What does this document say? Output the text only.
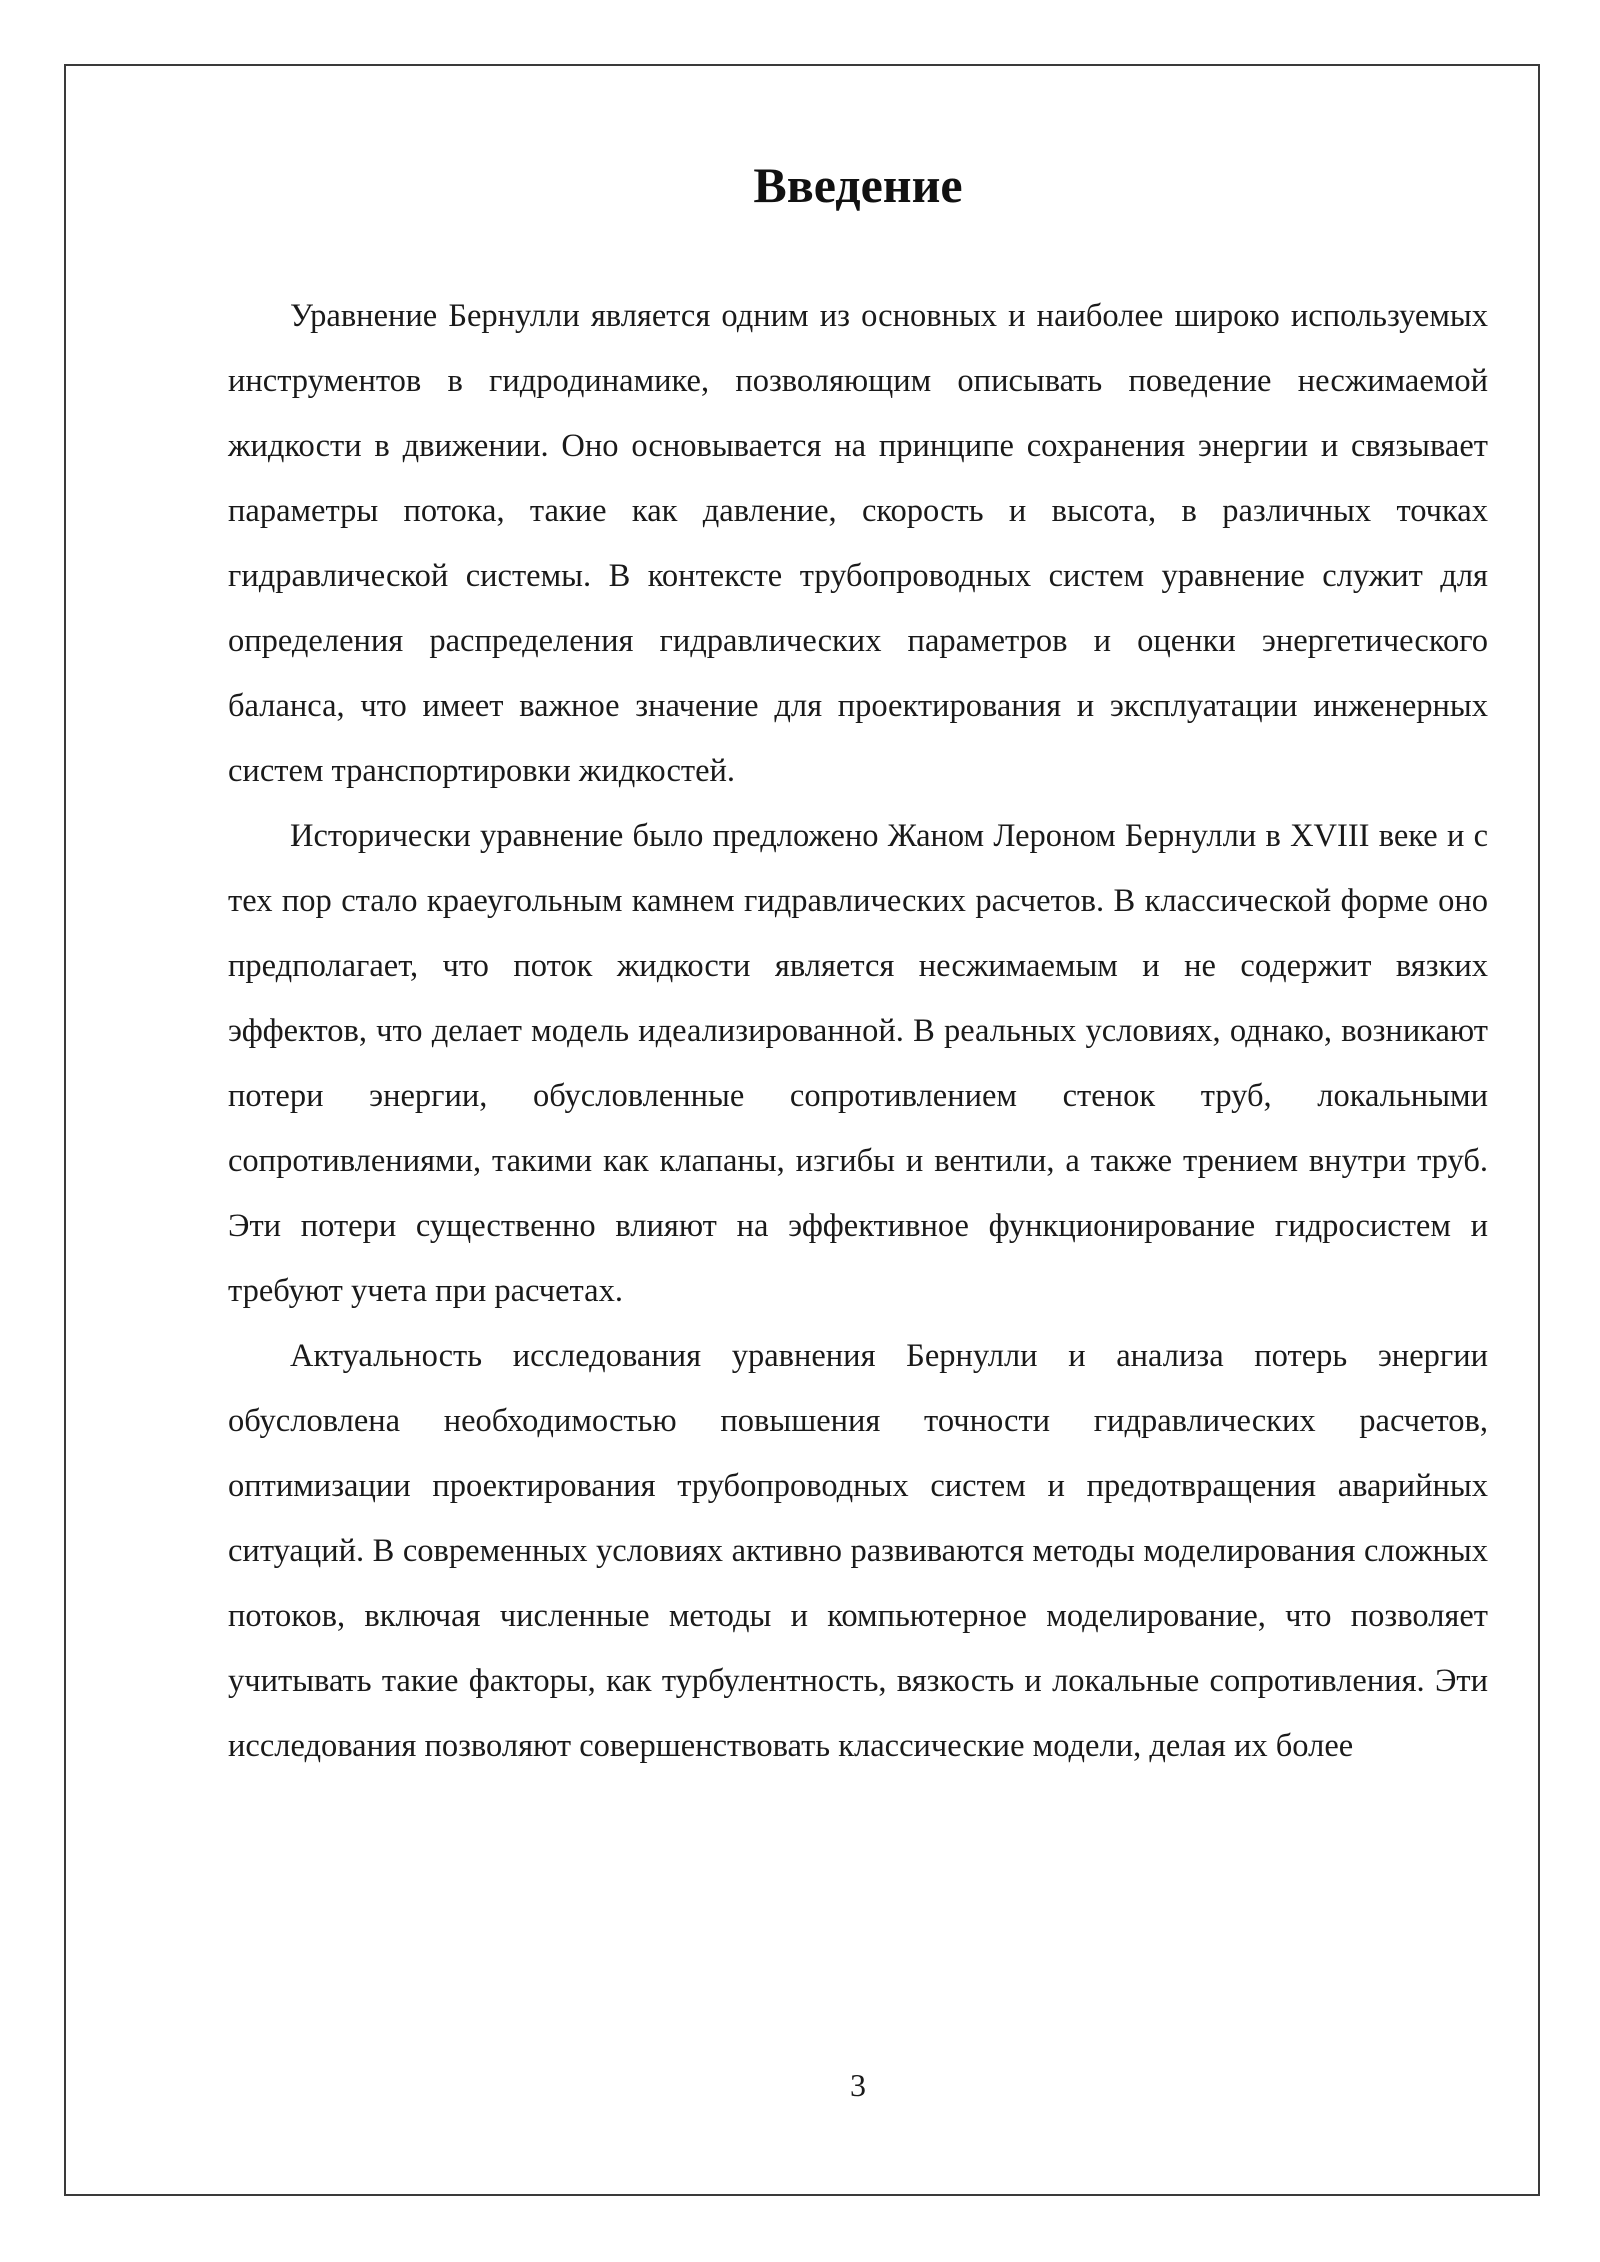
Введение

Уравнение Бернулли является одним из основных и наиболее широко используемых инструментов в гидродинамике, позволяющим описывать поведение несжимаемой жидкости в движении. Оно основывается на принципе сохранения энергии и связывает параметры потока, такие как давление, скорость и высота, в различных точках гидравлической системы. В контексте трубопроводных систем уравнение служит для определения распределения гидравлических параметров и оценки энергетического баланса, что имеет важное значение для проектирования и эксплуатации инженерных систем транспортировки жидкостей.

Исторически уравнение было предложено Жаном Лероном Бернулли в XVIII веке и с тех пор стало краеугольным камнем гидравлических расчетов. В классической форме оно предполагает, что поток жидкости является несжимаемым и не содержит вязких эффектов, что делает модель идеализированной. В реальных условиях, однако, возникают потери энергии, обусловленные сопротивлением стенок труб, локальными сопротивлениями, такими как клапаны, изгибы и вентили, а также трением внутри труб. Эти потери существенно влияют на эффективное функционирование гидросистем и требуют учета при расчетах.

Актуальность исследования уравнения Бернулли и анализа потерь энергии обусловлена необходимостью повышения точности гидравлических расчетов, оптимизации проектирования трубопроводных систем и предотвращения аварийных ситуаций. В современных условиях активно развиваются методы моделирования сложных потоков, включая численные методы и компьютерное моделирование, что позволяет учитывать такие факторы, как турбулентность, вязкость и локальные сопротивления. Эти исследования позволяют совершенствовать классические модели, делая их более

3
